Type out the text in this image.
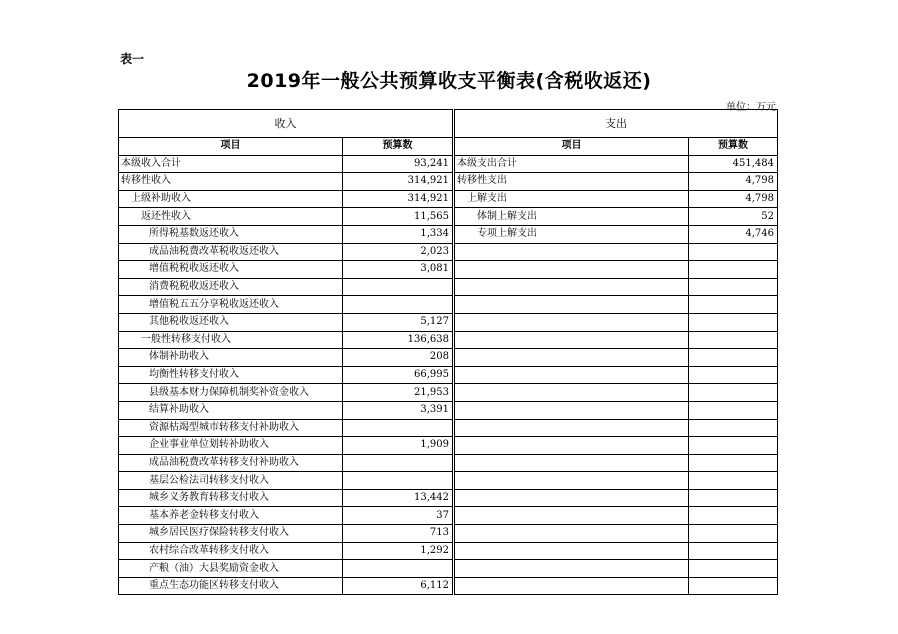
表一
2019年一般公共预算收支平衡表(含税收返还)
单位：万元
收入			支出	
项目	预算数		项目	预算数
本级收入合计	93,241		本级支出合计	451,484
转移性收入	314,921		转移性支出	4,798
上级补助收入	314,921		上解支出	4,798
返还性收入	11,565		体制上解支出	52
所得税基数返还收入	1,334		专项上解支出	4,746
成品油税费改革税收返还收入	2,023			
增值税税收返还收入	3,081			
消费税税收返还收入				
增值税五五分享税收返还收入				
其他税收返还收入	5,127			
一般性转移支付收入	136,638			
体制补助收入	208			
均衡性转移支付收入	66,995			
县级基本财力保障机制奖补资金收入	21,953			
结算补助收入	3,391			
资源枯竭型城市转移支付补助收入				
企业事业单位划转补助收入	1,909			
成品油税费改革转移支付补助收入				
基层公检法司转移支付收入				
城乡义务教育转移支付收入	13,442			
基本养老金转移支付收入	37			
城乡居民医疗保险转移支付收入	713			
农村综合改革转移支付收入	1,292			
产粮（油）大县奖励资金收入				
重点生态功能区转移支付收入	6,112			
